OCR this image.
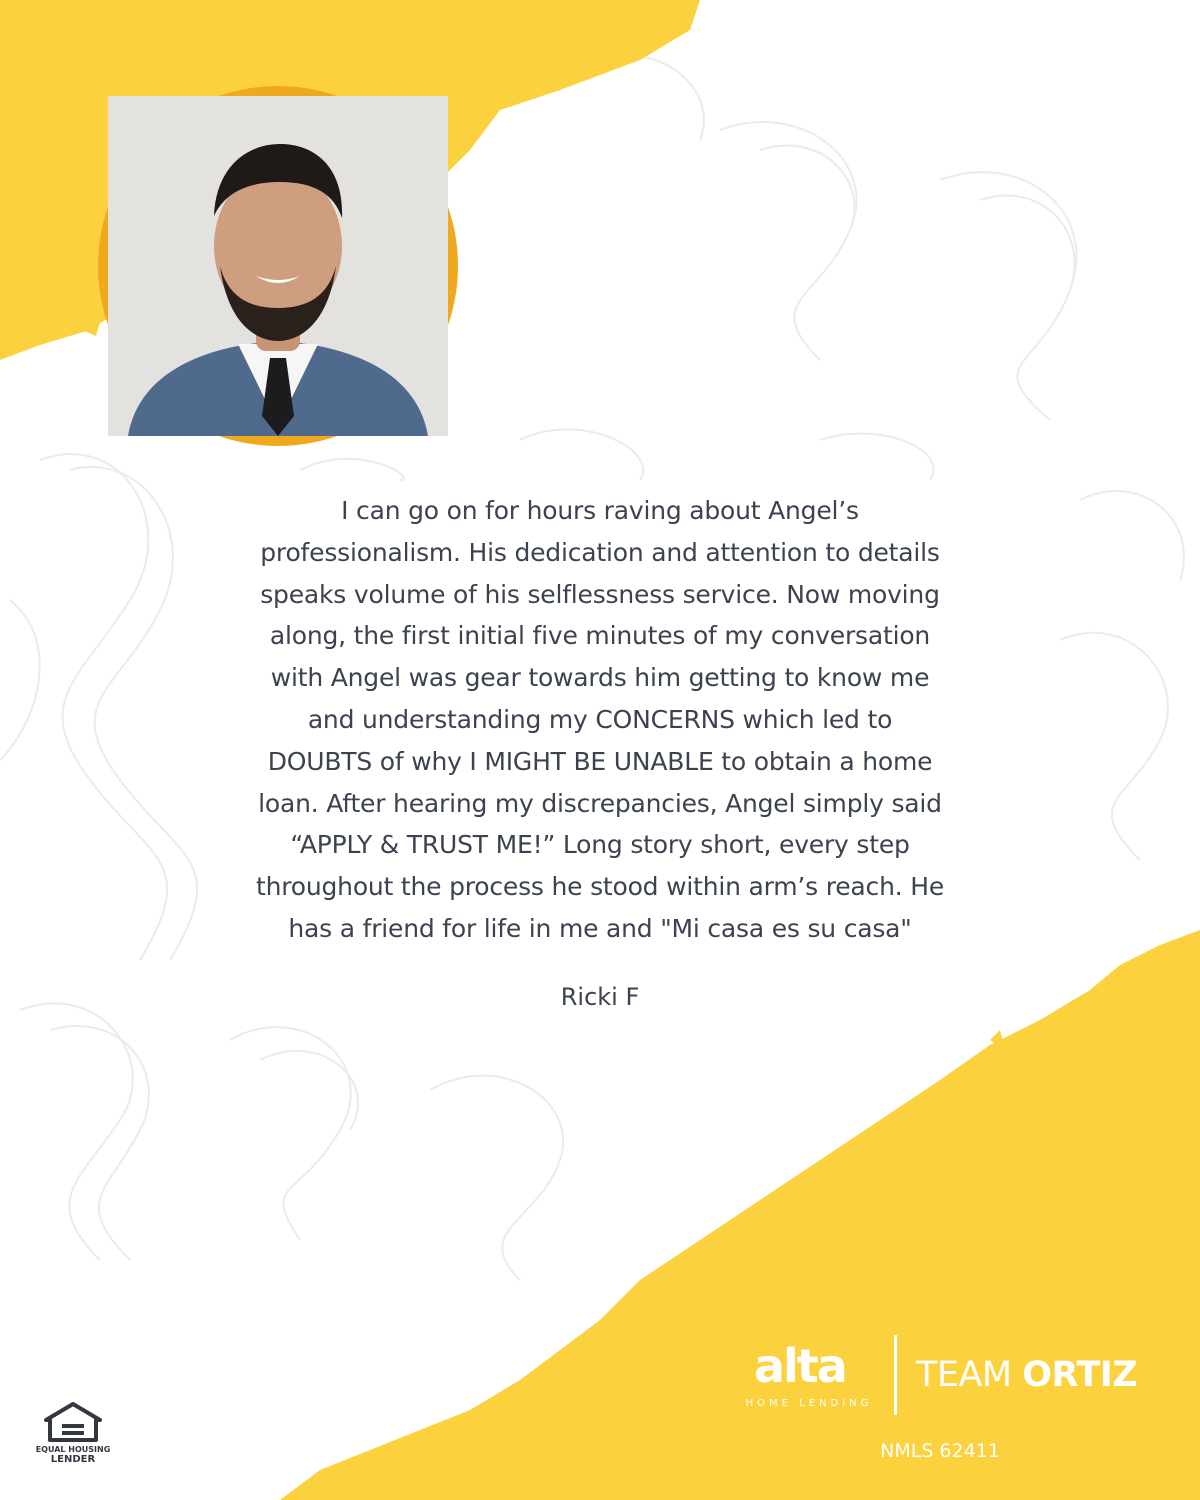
I can go on for hours raving about Angel’s
professionalism. His dedication and attention to details
speaks volume of his selflessness service. Now moving
along, the first initial five minutes of my conversation
with Angel was gear towards him getting to know me
and understanding my CONCERNS which led to
DOUBTS of why I MIGHT BE UNABLE to obtain a home
loan. After hearing my discrepancies, Angel simply said
“APPLY & TRUST ME!” Long story short, every step
throughout the process he stood within arm’s reach. He
has a friend for life in me and "Mi casa es su casa"

Ricki F
alta
HOME LENDING
TEAM ORTIZ
NMLS 62411
EQUAL HOUSING
LENDER
